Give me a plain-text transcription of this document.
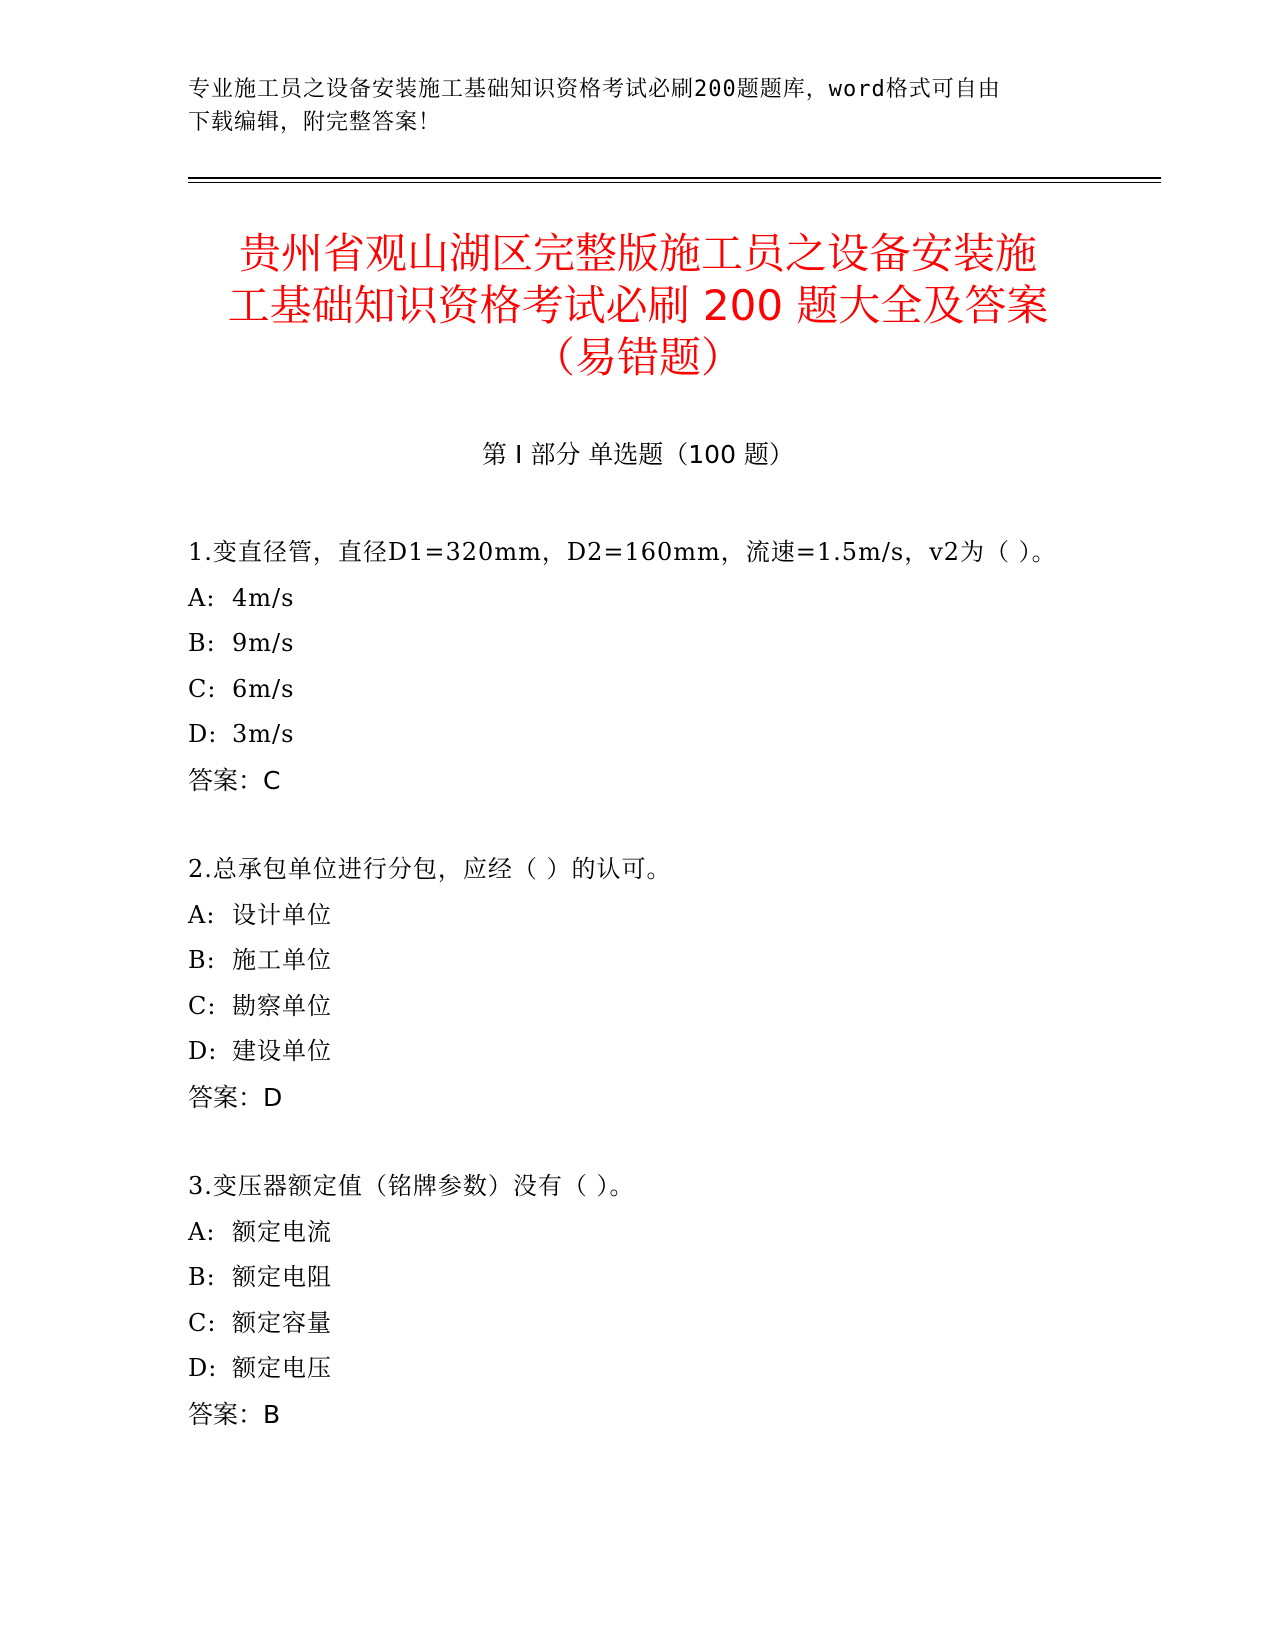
专业施工员之设备安装施工基础知识资格考试必刷200题题库，word格式可自由
下载编辑，附完整答案！
贵州省观山湖区完整版施工员之设备安装施
工基础知识资格考试必刷 200 题大全及答案
（易错题）
第 I 部分 单选题（100 题）
1.变直径管，直径D1=320mm，D2=160mm，流速=1.5m/s，v2为（ ）。
A: 4m/s
B: 9m/s
C: 6m/s
D: 3m/s
答案：C
2.总承包单位进行分包，应经（ ）的认可。
A: 设计单位
B: 施工单位
C: 勘察单位
D: 建设单位
答案：D
3.变压器额定值（铭牌参数）没有（ ）。
A: 额定电流
B: 额定电阻
C: 额定容量
D: 额定电压
答案：B
